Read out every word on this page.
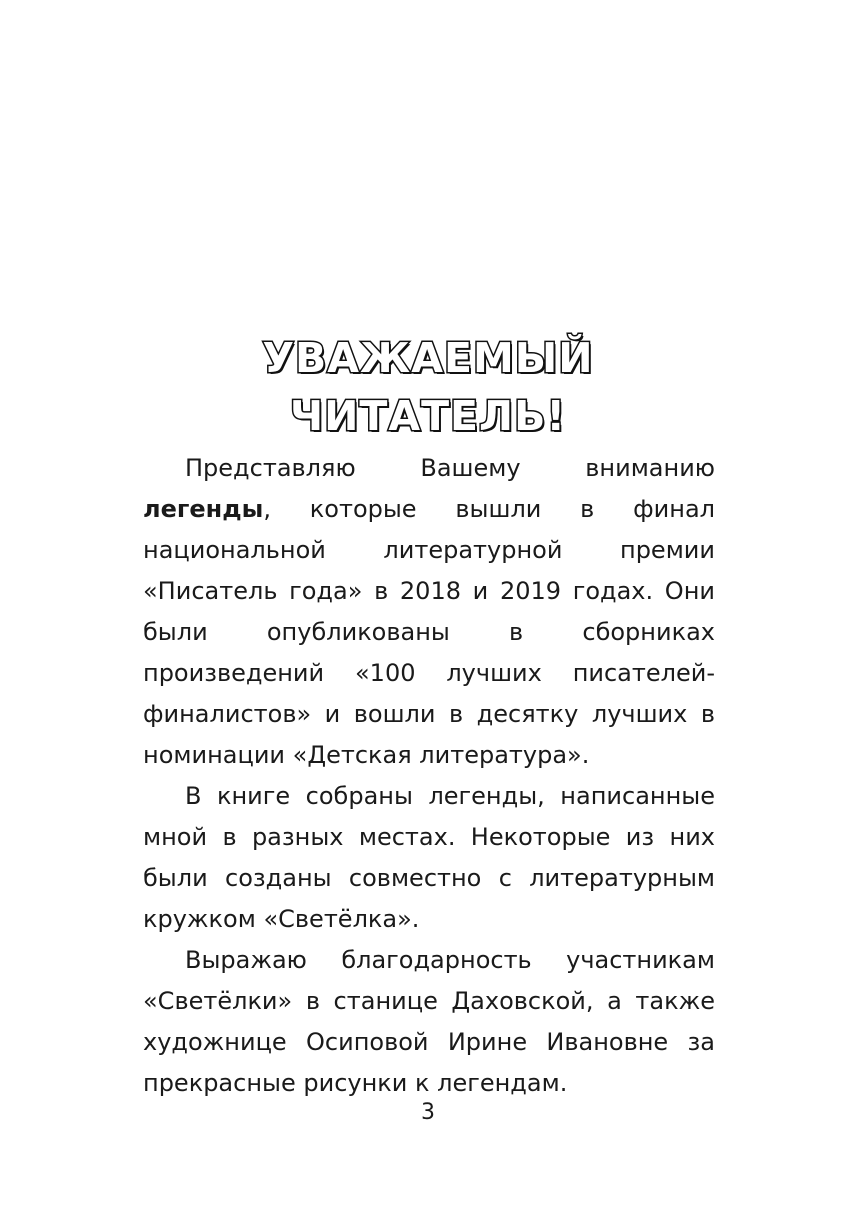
УВАЖАЕМЫЙ
ЧИТАТЕЛЬ!

Представляю Вашему вниманию легенды, которые вышли в финал национальной литературной премии «Писатель года» в 2018 и 2019 годах. Они были опубликованы в сборниках произведений «100 лучших писателей-финалистов» и вошли в десятку лучших в номинации «Детская литература».

В книге собраны легенды, написанные мной в разных местах. Некоторые из них были созданы совместно с литературным кружком «Светёлка».

Выражаю благодарность участникам «Светёлки» в станице Даховской, а также художнице Осиповой Ирине Ивановне за прекрасные рисунки к легендам.

3
